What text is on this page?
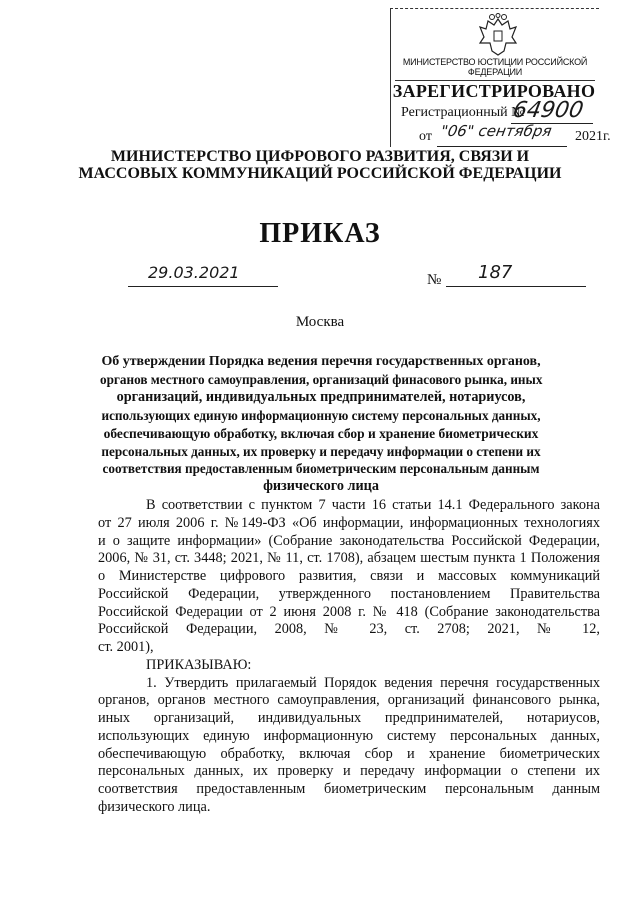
МИНИСТЕРСТВО ЮСТИЦИИ РОССИЙСКОЙ ФЕДЕРАЦИИ
ЗАРЕГИСТРИРОВАНО
Регистрационный №
64900
от	2021г.
"06" сентября
МИНИСТЕРСТВО ЦИФРОВОГО РАЗВИТИЯ, СВЯЗИ И
МАССОВЫХ КОММУНИКАЦИЙ РОССИЙСКОЙ ФЕДЕРАЦИИ
ПРИКАЗ
29.03.2021	№ 187
Москва
Об утверждении Порядка ведения перечня государственных органов,
органов местного самоуправления, организаций финасового рынка, иных
организаций, индивидуальных предпринимателей, нотариусов,
использующих единую информационную систему персональных данных,
обеспечивающую обработку, включая сбор и хранение биометрических
персональных данных, их проверку и передачу информации о степени их
соответствия предоставленным биометрическим персональным данным
физического лица
В соответствии с пунктом 7 части 16 статьи 14.1 Федерального закона
от 27 июля 2006 г. №149-ФЗ «Об информации, информационных технологиях
и о защите информации» (Собрание законодательства Российской Федерации,
2006, № 31, ст. 3448; 2021, № 11, ст. 1708), абзацем шестым пункта 1 Положения
о Министерстве цифрового развития, связи и массовых коммуникаций
Российской Федерации, утвержденного постановлением Правительства
Российской Федерации от 2 июня 2008 г. № 418 (Собрание законодательства
Российской Федерации, 2008, № 23, ст. 2708; 2021, № 12,
ст. 2001),
ПРИКАЗЫВАЮ:
1. Утвердить прилагаемый Порядок ведения перечня государственных
органов, органов местного самоуправления, организаций финансового рынка,
иных организаций, индивидуальных предпринимателей, нотариусов,
использующих единую информационную систему персональных данных,
обеспечивающую обработку, включая сбор и хранение биометрических
персональных данных, их проверку и передачу информации о степени их
соответствия предоставленным биометрическим персональным данным
физического лица.
